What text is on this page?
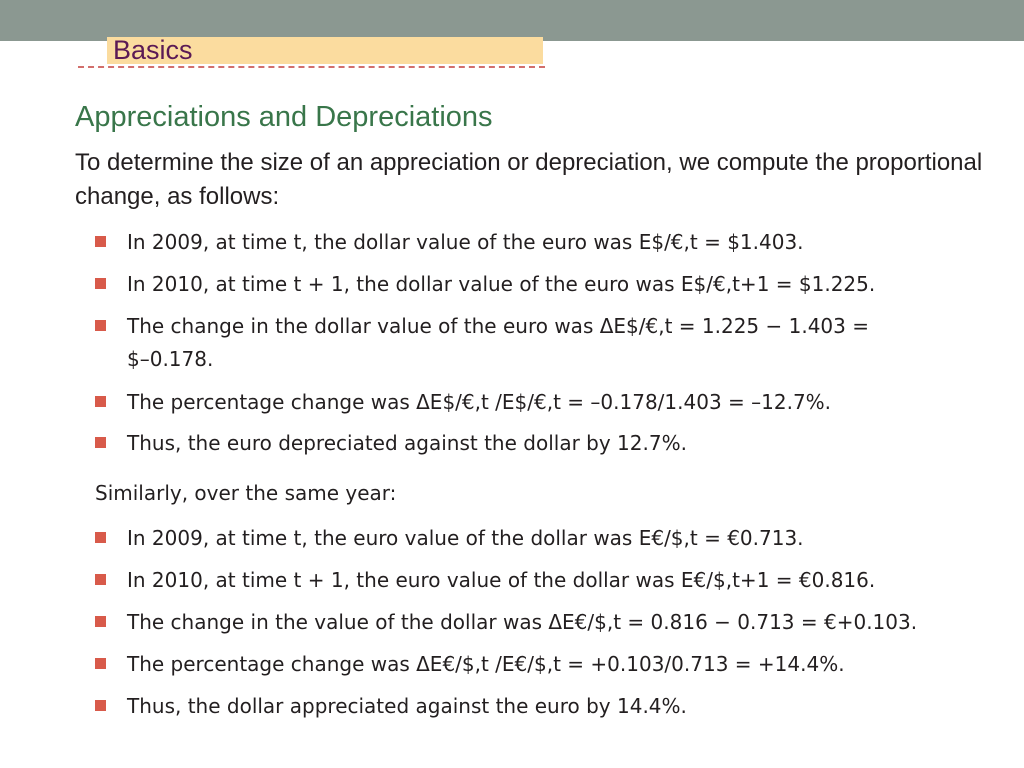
Basics
Appreciations and Depreciations
To determine the size of an appreciation or depreciation, we compute the proportional change, as follows:
In 2009, at time t, the dollar value of the euro was E$/€,t = $1.403.
In 2010, at time t + 1, the dollar value of the euro was E$/€,t+1 = $1.225.
The change in the dollar value of the euro was ΔE$/€,t = 1.225 − 1.403 =
$–0.178.
The percentage change was ΔE$/€,t /E$/€,t = –0.178/1.403 = –12.7%.
Thus, the euro depreciated against the dollar by 12.7%.
Similarly, over the same year:
In 2009, at time t, the euro value of the dollar was E€/$,t = €0.713.
In 2010, at time t + 1, the euro value of the dollar was E€/$,t+1 = €0.816.
The change in the value of the dollar was ΔE€/$,t = 0.816 − 0.713 = €+0.103.
The percentage change was ΔE€/$,t /E€/$,t = +0.103/0.713 = +14.4%.
Thus, the dollar appreciated against the euro by 14.4%.
